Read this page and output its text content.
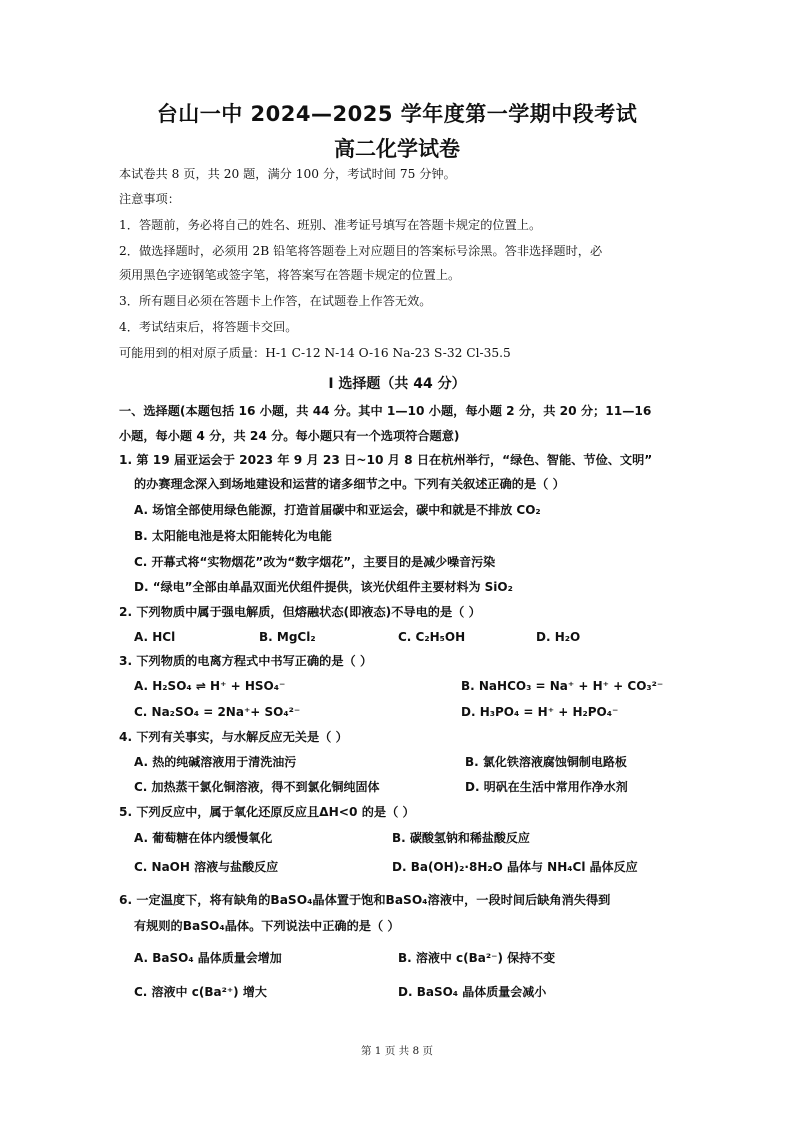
台山一中 2024—2025 学年度第一学期中段考试
高二化学试卷
本试卷共 8 页，共 20 题，满分 100 分，考试时间 75 分钟。
注意事项：
1．答题前，务必将自己的姓名、班别、准考证号填写在答题卡规定的位置上。
2．做选择题时，必须用 2B 铅笔将答题卷上对应题目的答案标号涂黑。答非选择题时，必
须用黑色字迹钢笔或签字笔，将答案写在答题卡规定的位置上。
3．所有题目必须在答题卡上作答，在试题卷上作答无效。
4．考试结束后，将答题卡交回。
可能用到的相对原子质量：H-1 C-12 N-14 O-16 Na-23 S-32 Cl-35.5
Ⅰ 选择题（共 44 分）
一、选择题(本题包括 16 小题，共 44 分。其中 1—10 小题，每小题 2 分，共 20 分；11—16
小题，每小题 4 分，共 24 分。每小题只有一个选项符合题意)
1. 第 19 届亚运会于 2023 年 9 月 23 日~10 月 8 日在杭州举行，“绿色、智能、节俭、文明”
的办赛理念深入到场地建设和运营的诸多细节之中。下列有关叙述正确的是（ ）
A. 场馆全部使用绿色能源，打造首届碳中和亚运会，碳中和就是不排放 CO₂
B. 太阳能电池是将太阳能转化为电能
C. 开幕式将“实物烟花”改为“数字烟花”，主要目的是减少噪音污染
D. “绿电”全部由单晶双面光伏组件提供，该光伏组件主要材料为 SiO₂
2. 下列物质中属于强电解质，但熔融状态(即液态)不导电的是（ ）
A. HCl	B. MgCl₂	C. C₂H₅OH	D. H₂O
3. 下列物质的电离方程式中书写正确的是（ ）
A. H₂SO₄ ⇌ H⁺ + HSO₄⁻	B. NaHCO₃ = Na⁺ + H⁺ + CO₃²⁻
C. Na₂SO₄ = 2Na⁺+ SO₄²⁻	D. H₃PO₄ = H⁺ + H₂PO₄⁻
4. 下列有关事实，与水解反应无关是（ ）
A. 热的纯碱溶液用于清洗油污	B. 氯化铁溶液腐蚀铜制电路板
C. 加热蒸干氯化铜溶液，得不到氯化铜纯固体	D. 明矾在生活中常用作净水剂
5. 下列反应中，属于氧化还原反应且ΔH<0 的是（ ）
A. 葡萄糖在体内缓慢氧化	B. 碳酸氢钠和稀盐酸反应
C. NaOH 溶液与盐酸反应	D. Ba(OH)₂·8H₂O 晶体与 NH₄Cl 晶体反应
6. 一定温度下，将有缺角的BaSO₄晶体置于饱和BaSO₄溶液中，一段时间后缺角消失得到
有规则的BaSO₄晶体。下列说法中正确的是（ ）
A. BaSO₄ 晶体质量会增加	B. 溶液中 c(Ba²⁻) 保持不变
C. 溶液中 c(Ba²⁺) 增大	D. BaSO₄ 晶体质量会减小
第 1 页 共 8 页
